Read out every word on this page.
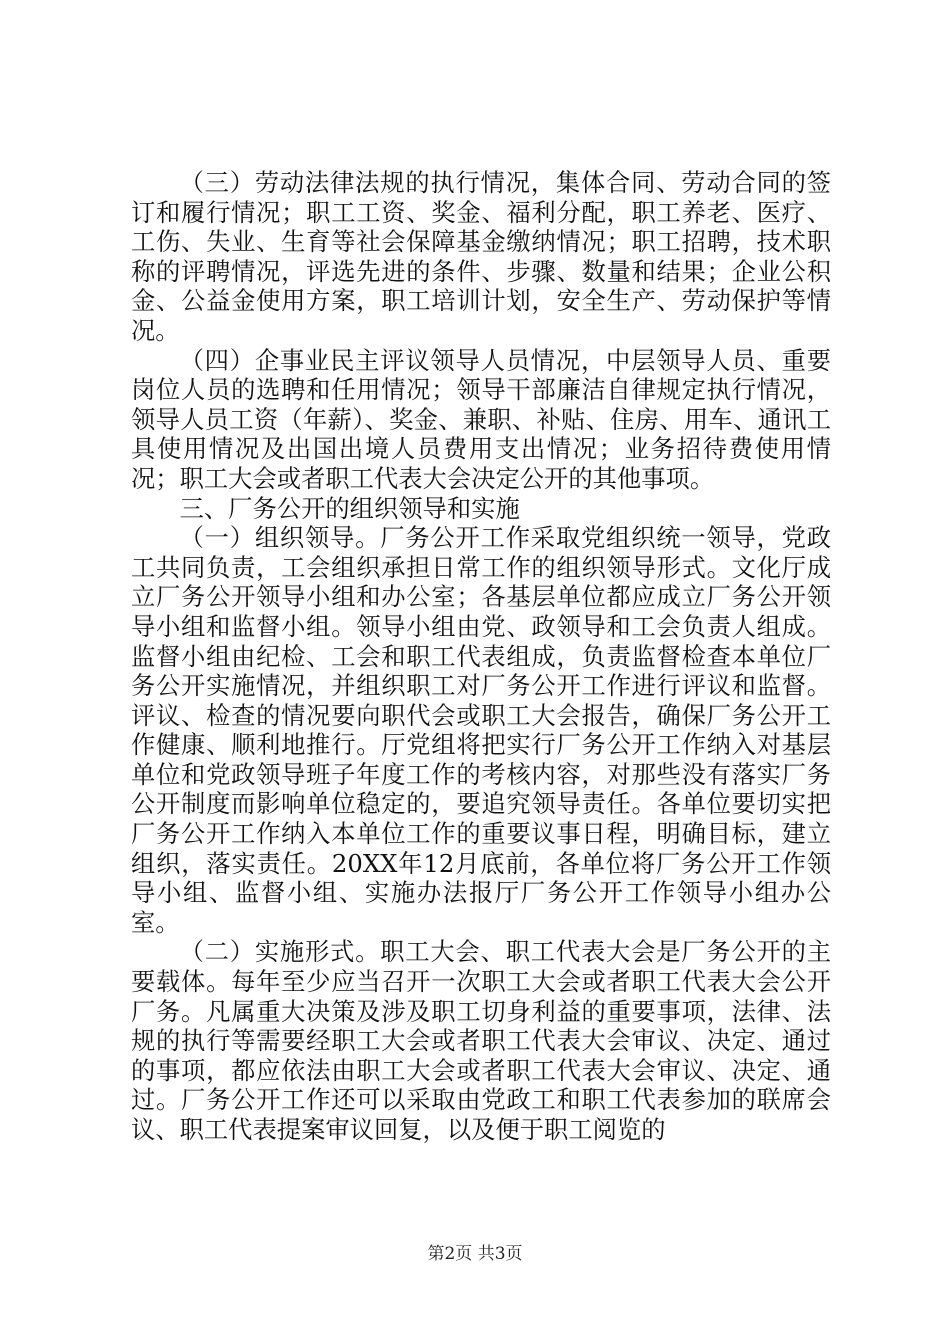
（三）劳动法律法规的执行情况，集体合同、劳动合同的签订和履行情况；职工工资、奖金、福利分配，职工养老、医疗、工伤、失业、生育等社会保障基金缴纳情况；职工招聘，技术职称的评聘情况，评选先进的条件、步骤、数量和结果；企业公积金、公益金使用方案，职工培训计划，安全生产、劳动保护等情况。

（四）企事业民主评议领导人员情况，中层领导人员、重要岗位人员的选聘和任用情况；领导干部廉洁自律规定执行情况，领导人员工资（年薪）、奖金、兼职、补贴、住房、用车、通讯工具使用情况及出国出境人员费用支出情况；业务招待费使用情况；职工大会或者职工代表大会决定公开的其他事项。

三、厂务公开的组织领导和实施

（一）组织领导。厂务公开工作采取党组织统一领导，党政工共同负责，工会组织承担日常工作的组织领导形式。文化厅成立厂务公开领导小组和办公室；各基层单位都应成立厂务公开领导小组和监督小组。领导小组由党、政领导和工会负责人组成。监督小组由纪检、工会和职工代表组成，负责监督检查本单位厂务公开实施情况，并组织职工对厂务公开工作进行评议和监督。评议、检查的情况要向职代会或职工大会报告，确保厂务公开工作健康、顺利地推行。厅党组将把实行厂务公开工作纳入对基层单位和党政领导班子年度工作的考核内容，对那些没有落实厂务公开制度而影响单位稳定的，要追究领导责任。各单位要切实把厂务公开工作纳入本单位工作的重要议事日程，明确目标，建立组织，落实责任。20XX年12月底前，各单位将厂务公开工作领导小组、监督小组、实施办法报厅厂务公开工作领导小组办公室。

（二）实施形式。职工大会、职工代表大会是厂务公开的主要载体。每年至少应当召开一次职工大会或者职工代表大会公开厂务。凡属重大决策及涉及职工切身利益的重要事项，法律、法规的执行等需要经职工大会或者职工代表大会审议、决定、通过的事项，都应依法由职工大会或者职工代表大会审议、决定、通过。厂务公开工作还可以采取由党政工和职工代表参加的联席会议、职工代表提案审议回复，以及便于职工阅览的

第2页 共3页
